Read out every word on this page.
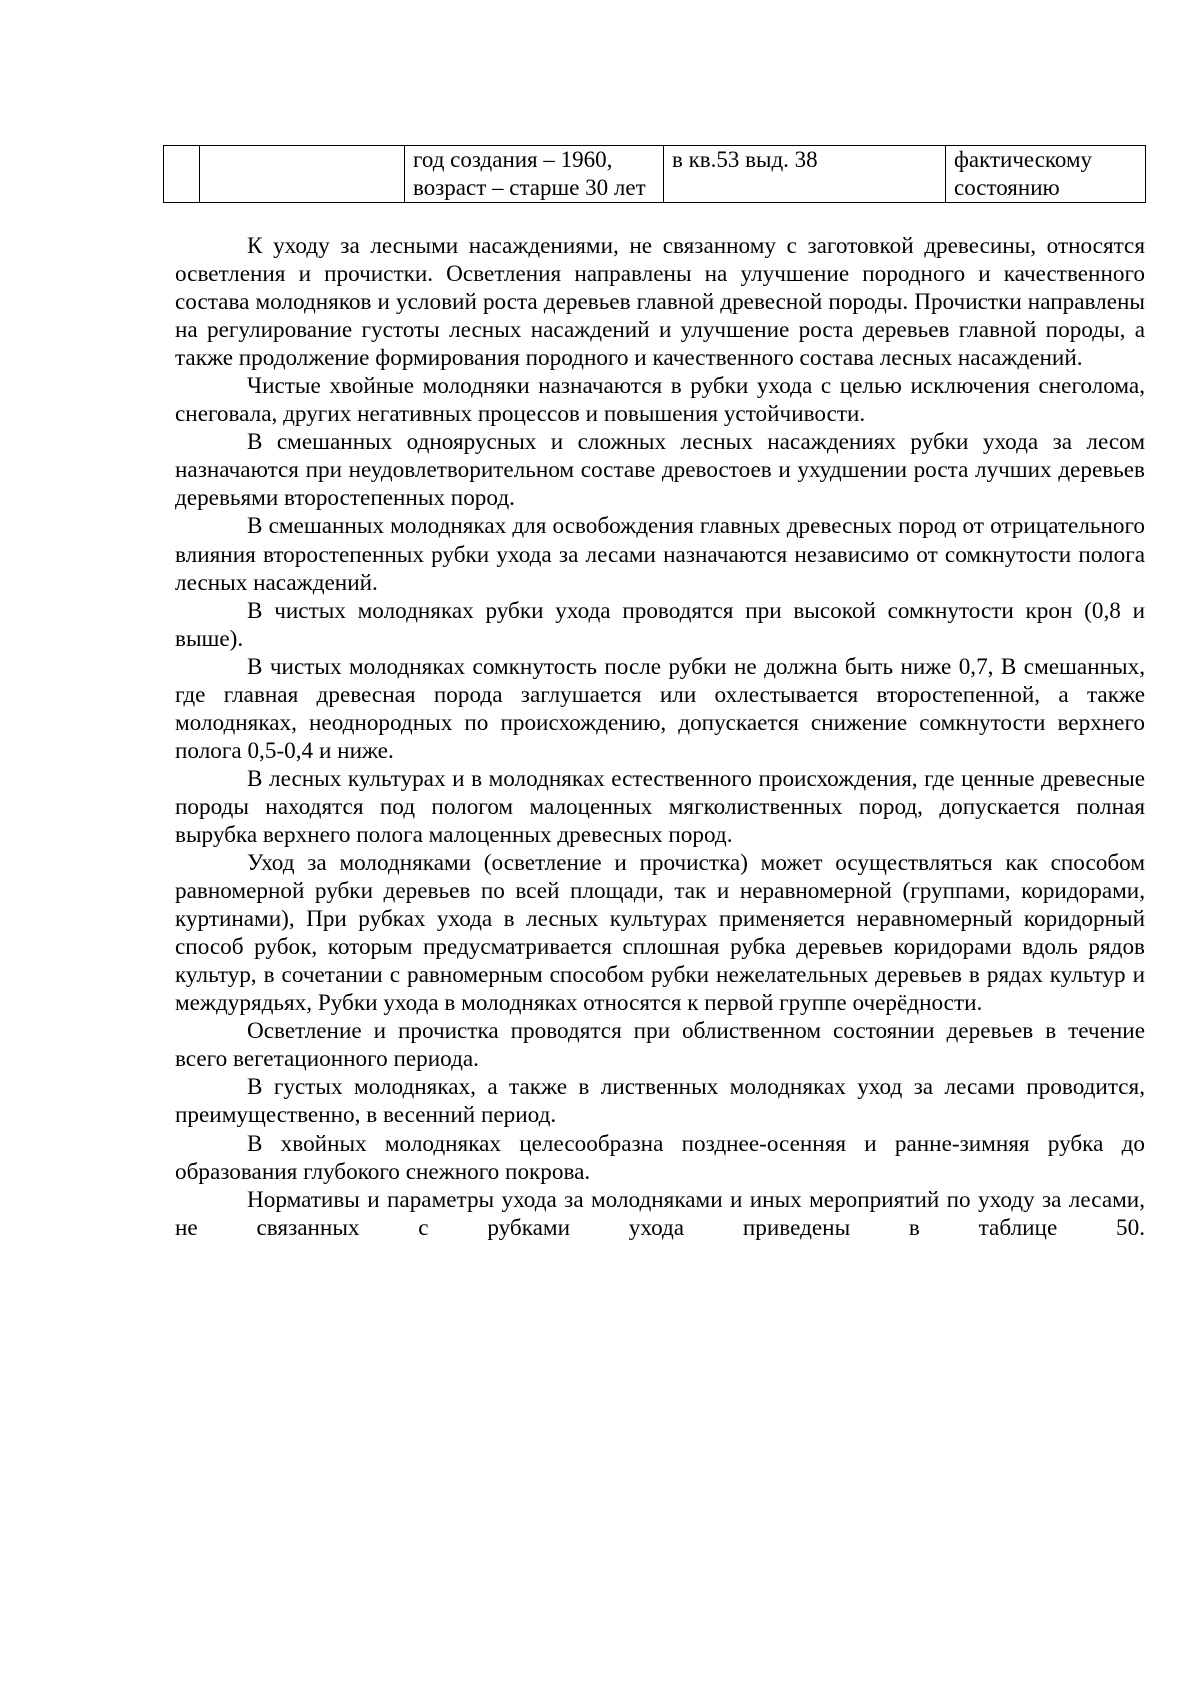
		год создания – 1960, возраст – старше 30 лет	в кв.53 выд. 38	фактическому состоянию

К уходу за лесными насаждениями, не связанному с заготовкой древесины, относятся осветления и прочистки. Осветления направлены на улучшение породного и качественного состава молодняков и условий роста деревьев главной древесной породы. Прочистки направлены на регулирование густоты лесных насаждений и улучшение роста деревьев главной породы, а также продолжение формирования породного и качественного состава лесных насаждений.

Чистые хвойные молодняки назначаются в рубки ухода с целью исключения снеголома, снеговала, других негативных процессов и повышения устойчивости.

В смешанных одноярусных и сложных лесных насаждениях рубки ухода за лесом назначаются при неудовлетворительном составе древостоев и ухудшении роста лучших деревьев деревьями второстепенных пород.

В смешанных молодняках для освобождения главных древесных пород от отрицательного влияния второстепенных рубки ухода за лесами назначаются независимо от сомкнутости полога лесных насаждений.

В чистых молодняках рубки ухода проводятся при высокой сомкнутости крон (0,8 и выше).

В чистых молодняках сомкнутость после рубки не должна быть ниже 0,7, В смешанных, где главная древесная порода заглушается или охлестывается второстепенной, а также молодняках, неоднородных по происхождению, допускается снижение сомкнутости верхнего полога 0,5-0,4 и ниже.

В лесных культурах и в молодняках естественного происхождения, где ценные древесные породы находятся под пологом малоценных мягколиственных пород, допускается полная вырубка верхнего полога малоценных древесных пород.

Уход за молодняками (осветление и прочистка) может осуществляться как способом равномерной рубки деревьев по всей площади, так и неравномерной (группами, коридорами, куртинами), При рубках ухода в лесных культурах применяется неравномерный коридорный способ рубок, которым предусматривается сплошная рубка деревьев коридорами вдоль рядов культур, в сочетании с равномерным способом рубки нежелательных деревьев в рядах культур и междурядьях, Рубки ухода в молодняках относятся к первой группе очерёдности.

Осветление и прочистка проводятся при облиственном состоянии деревьев в течение всего вегетационного периода.

В густых молодняках, а также в лиственных молодняках уход за лесами проводится, преимущественно, в весенний период.

В хвойных молодняках целесообразна позднее-осенняя и ранне-зимняя рубка до образования глубокого снежного покрова.

Нормативы и параметры ухода за молодняками и иных мероприятий по уходу за лесами, не связанных с рубками ухода приведены в таблице 50.
